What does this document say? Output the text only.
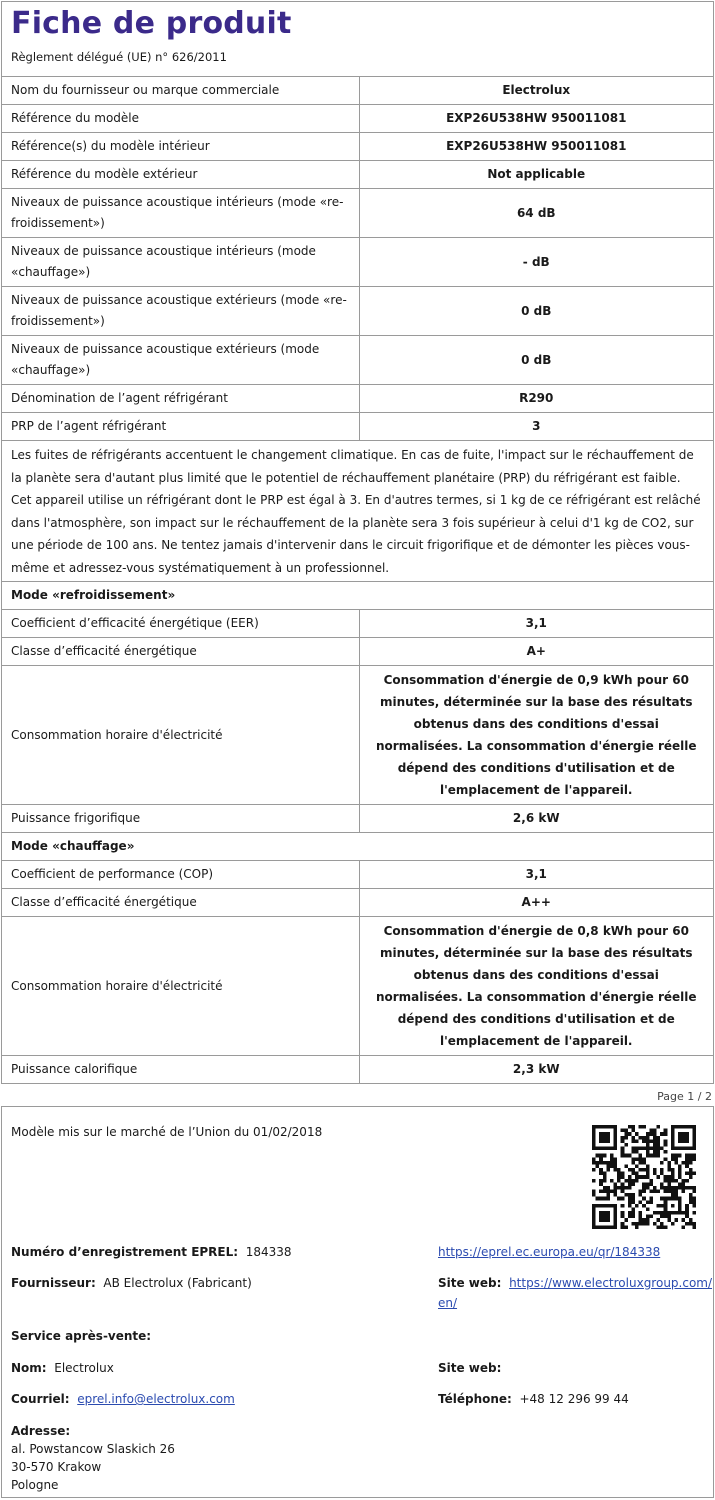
Fiche de produit
Règlement délégué (UE) n° 626/2011
Nom du fournisseur ou marque commerciale	Electrolux
Référence du modèle	EXP26U538HW 950011081
Référence(s) du modèle intérieur	EXP26U538HW 950011081
Référence du modèle extérieur	Not applicable
Niveaux de puissance acoustique intérieurs (mode «re-froidissement»)	64 dB
Niveaux de puissance acoustique intérieurs (mode «chauffage»)	- dB
Niveaux de puissance acoustique extérieurs (mode «re-froidissement»)	0 dB
Niveaux de puissance acoustique extérieurs (mode «chauffage»)	0 dB
Dénomination de l’agent réfrigérant	R290
PRP de l’agent réfrigérant	3
Les fuites de réfrigérants accentuent le changement climatique. En cas de fuite, l'impact sur le réchauffement de la planète sera d'autant plus limité que le potentiel de réchauffement planétaire (PRP) du réfrigérant est faible. Cet appareil utilise un réfrigérant dont le PRP est égal à 3. En d'autres termes, si 1 kg de ce réfrigérant est relâché dans l'atmosphère, son impact sur le réchauffement de la planète sera 3 fois supérieur à celui d'1 kg de CO2, sur une période de 100 ans. Ne tentez jamais d'intervenir dans le circuit frigorifique et de démonter les pièces vous-même et adressez-vous systématiquement à un professionnel.	
Mode «refroidissement»	
Coefficient d’efficacité énergétique (EER)	3,1
Classe d’efficacité énergétique	A+
Consommation horaire d'électricité	Consommation d'énergie de 0,9 kWh pour 60 minutes, déterminée sur la base des résultats obtenus dans des conditions d'essai normalisées. La consommation d'énergie réelle dépend des conditions d'utilisation et de l'emplacement de l'appareil.
Puissance frigorifique	2,6 kW
Mode «chauffage»	
Coefficient de performance (COP)	3,1
Classe d’efficacité énergétique	A++
Consommation horaire d'électricité	Consommation d'énergie de 0,8 kWh pour 60 minutes, déterminée sur la base des résultats obtenus dans des conditions d'essai normalisées. La consommation d'énergie réelle dépend des conditions d'utilisation et de l'emplacement de l'appareil.
Puissance calorifique	2,3 kW
Page 1 / 2
Modèle mis sur le marché de l’Union du 01/02/2018
Numéro d’enregistrement EPREL: 184338	https://eprel.ec.europa.eu/qr/184338
Fournisseur: AB Electrolux (Fabricant)	Site web: https://www.electroluxgroup.com/
en/
Service après-vente:
Nom: Electrolux	Site web:
Courriel: eprel.info@electrolux.com	Téléphone: +48 12 296 99 44
Adresse:
al. Powstancow Slaskich 26
30-570 Krakow
Pologne
